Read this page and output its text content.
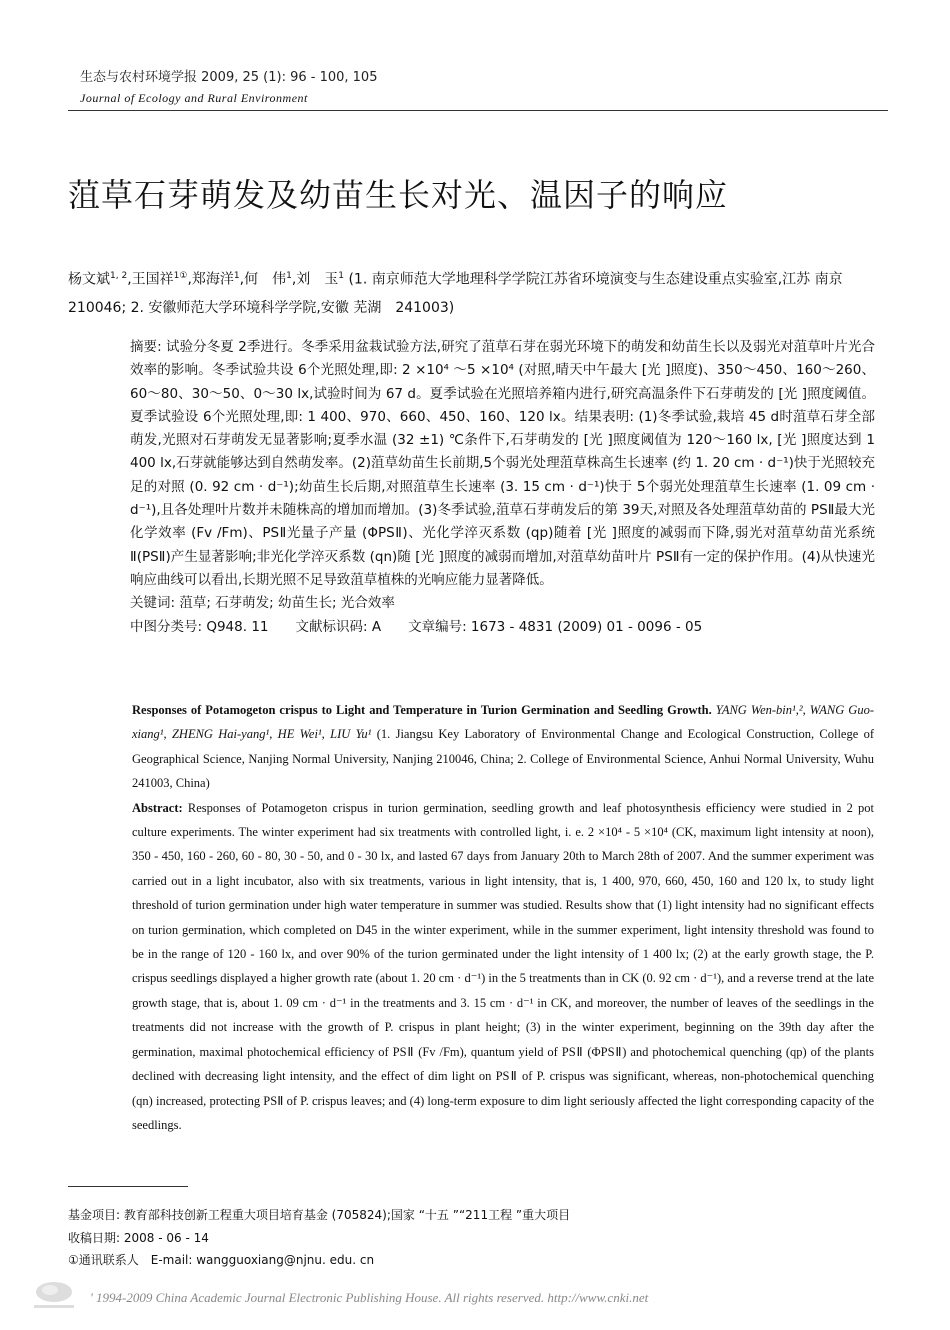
生态与农村环境学报 2009, 25 (1): 96 - 100, 105
Journal of Ecology and Rural Environment
菹草石芽萌发及幼苗生长对光、温因子的响应
杨文斌$^{1, 2}$,王国祥$^{1①}$,郑海洋$^1$,何　伟$^1$,刘　玉$^1$ (1. 南京师范大学地理科学学院江苏省环境演变与生态建设重点实验室,江苏 南京　210046; 2. 安徽师范大学环境科学学院,安徽 芜湖　241003)

摘要: 试验分冬夏 2季进行。冬季采用盆栽试验方法,研究了菹草石芽在弱光环境下的萌发和幼苗生长以及弱光对菹草叶片光合效率的影响。冬季试验共设 6个光照处理,即: 2 ×10⁴ ～5 ×10⁴ (对照,晴天中午最大 [光 ]照度)、350～450、160～260、60～80、30～50、0～30 lx,试验时间为 67 d。夏季试验在光照培养箱内进行,研究高温条件下石芽萌发的 [光 ]照度阈值。夏季试验设 6个光照处理,即: 1 400、970、660、450、160、120 lx。结果表明: (1)冬季试验,栽培 45 d时菹草石芽全部萌发,光照对石芽萌发无显著影响;夏季水温 (32 ±1) ℃条件下,石芽萌发的 [光 ]照度阈值为 120～160 lx, [光 ]照度达到 1 400 lx,石芽就能够达到自然萌发率。(2)菹草幼苗生长前期,5个弱光处理菹草株高生长速率 (约 1. 20 cm · d⁻¹)快于光照较充足的对照 (0. 92 cm · d⁻¹);幼苗生长后期,对照菹草生长速率 (3. 15 cm · d⁻¹)快于 5个弱光处理菹草生长速率 (1. 09 cm · d⁻¹),且各处理叶片数并未随株高的增加而增加。(3)冬季试验,菹草石芽萌发后的第 39天,对照及各处理菹草幼苗的 PSⅡ最大光化学效率 (Fv /Fm)、PSⅡ光量子产量 (ΦPSⅡ)、光化学淬灭系数 (qp)随着 [光 ]照度的减弱而下降,弱光对菹草幼苗光系统 Ⅱ(PSⅡ)产生显著影响;非光化学淬灭系数 (qn)随 [光 ]照度的减弱而增加,对菹草幼苗叶片 PSⅡ有一定的保护作用。(4)从快速光响应曲线可以看出,长期光照不足导致菹草植株的光响应能力显著降低。

关键词: 菹草; 石芽萌发; 幼苗生长; 光合效率

中图分类号: Q948. 11　　文献标识码: A　　文章编号: 1673 - 4831 (2009) 01 - 0096 - 05

Responses of Potamogeton crispus to Light and Temperature in Turion Germination and Seedling Growth. YANG Wen-bin¹,², WANG Guo-xiang¹, ZHENG Hai-yang¹, HE Wei¹, LIU Yu¹ (1. Jiangsu Key Laboratory of Environmental Change and Ecological Construction, College of Geographical Science, Nanjing Normal University, Nanjing 210046, China; 2. College of Environmental Science, Anhui Normal University, Wuhu 241003, China)

Abstract: Responses of Potamogeton crispus in turion germination, seedling growth and leaf photosynthesis efficiency were studied in 2 pot culture experiments. The winter experiment had six treatments with controlled light, i. e. 2 ×10⁴ - 5 ×10⁴ (CK, maximum light intensity at noon), 350 - 450, 160 - 260, 60 - 80, 30 - 50, and 0 - 30 lx, and lasted 67 days from January 20th to March 28th of 2007. And the summer experiment was carried out in a light incubator, also with six treatments, various in light intensity, that is, 1 400, 970, 660, 450, 160 and 120 lx, to study light threshold of turion germination under high water temperature in summer was studied. Results show that (1) light intensity had no significant effects on turion germination, which completed on D45 in the winter experiment, while in the summer experiment, light intensity threshold was found to be in the range of 120 - 160 lx, and over 90% of the turion germinated under the light intensity of 1 400 lx; (2) at the early growth stage, the P. crispus seedlings displayed a higher growth rate (about 1. 20 cm · d⁻¹) in the 5 treatments than in CK (0. 92 cm · d⁻¹), and a reverse trend at the late growth stage, that is, about 1. 09 cm · d⁻¹ in the treatments and 3. 15 cm · d⁻¹ in CK, and moreover, the number of leaves of the seedlings in the treatments did not increase with the growth of P. crispus in plant height; (3) in the winter experiment, beginning on the 39th day after the germination, maximal photochemical efficiency of PSⅡ (Fv /Fm), quantum yield of PSⅡ (ΦPSⅡ) and photochemical quenching (qp) of the plants declined with decreasing light intensity, and the effect of dim light on PSⅡ of P. crispus was significant, whereas, non-photochemical quenching (qn) increased, protecting PSⅡ of P. crispus leaves; and (4) long-term exposure to dim light seriously affected the light corresponding capacity of the seedlings.

基金项目: 教育部科技创新工程重大项目培育基金 (705824);国家 “十五 ”“211工程 ”重大项目

收稿日期: 2008 - 06 - 14

①通讯联系人　E-mail: wangguoxiang@njnu. edu. cn

' 1994-2009 China Academic Journal Electronic Publishing House. All rights reserved. http://www.cnki.net
